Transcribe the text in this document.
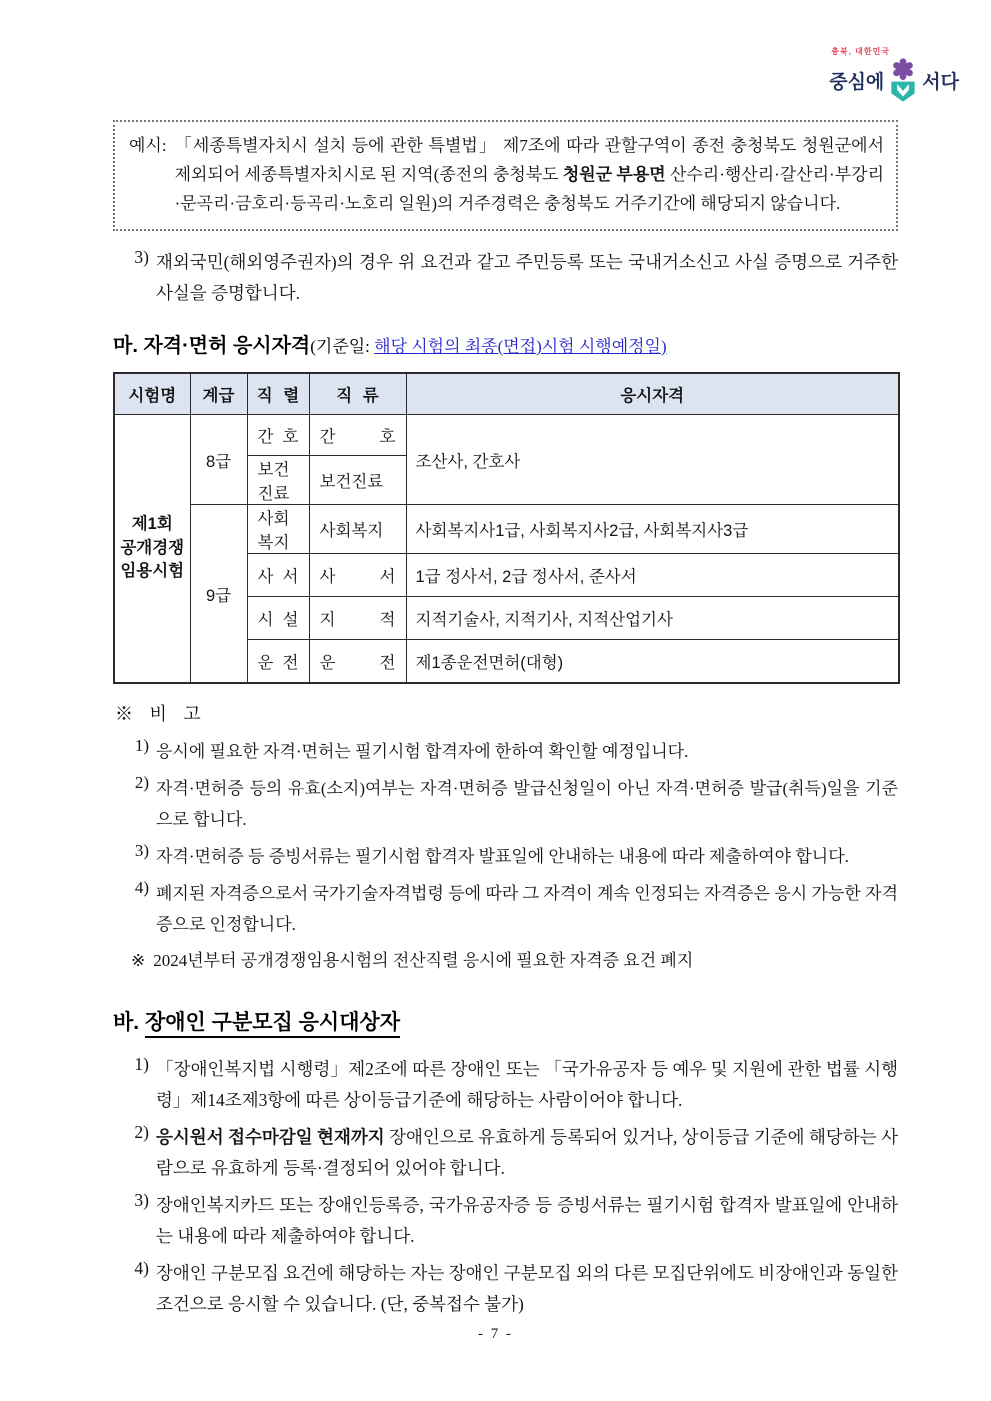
충북, 대한민국
중심에 서다
예시: 「세종특별자치시 설치 등에 관한 특별법」 제7조에 따라 관할구역이 종전 충청북도 청원군에서 제외되어 세종특별자치시로 된 지역(종전의 충청북도 청원군 부용면 산수리·행산리·갈산리·부강리·문곡리·금호리·등곡리·노호리 일원)의 거주경력은 충청북도 거주기간에 해당되지 않습니다.
3) 재외국민(해외영주권자)의 경우 위 요건과 같고 주민등록 또는 국내거소신고 사실 증명으로 거주한 사실을 증명합니다.
마. 자격·면허 응시자격(기준일: 해당 시험의 최종(면접)시험 시행예정일)
시험명	계급	직 렬	직 류	응시자격

제1회
공개경쟁
임용시험	8급	간 호	간 호	조산사, 간호사
		보건진료	보건진료	
	9급	사회복지	사회복지	사회복지사1급, 사회복지사2급, 사회복지사3급
		사 서	사 서	1급 정사서, 2급 정사서, 준사서
		시 설	지 적	지적기술사, 지적기사, 지적산업기사
		운 전	운 전	제1종운전면허(대형)
※ 비 고
1) 응시에 필요한 자격·면허는 필기시험 합격자에 한하여 확인할 예정입니다.
2) 자격·면허증 등의 유효(소지)여부는 자격·면허증 발급신청일이 아닌 자격·면허증 발급(취득)일을 기준으로 합니다.
3) 자격·면허증 등 증빙서류는 필기시험 합격자 발표일에 안내하는 내용에 따라 제출하여야 합니다.
4) 폐지된 자격증으로서 국가기술자격법령 등에 따라 그 자격이 계속 인정되는 자격증은 응시 가능한 자격증으로 인정합니다.
※ 2024년부터 공개경쟁임용시험의 전산직렬 응시에 필요한 자격증 요건 폐지
바. 장애인 구분모집 응시대상자
1) 「장애인복지법 시행령」제2조에 따른 장애인 또는 「국가유공자 등 예우 및 지원에 관한 법률 시행령」제14조제3항에 따른 상이등급기준에 해당하는 사람이어야 합니다.
2) 응시원서 접수마감일 현재까지 장애인으로 유효하게 등록되어 있거나, 상이등급 기준에 해당하는 사람으로 유효하게 등록·결정되어 있어야 합니다.
3) 장애인복지카드 또는 장애인등록증, 국가유공자증 등 증빙서류는 필기시험 합격자 발표일에 안내하는 내용에 따라 제출하여야 합니다.
4) 장애인 구분모집 요건에 해당하는 자는 장애인 구분모집 외의 다른 모집단위에도 비장애인과 동일한 조건으로 응시할 수 있습니다. (단, 중복접수 불가)
- 7 -
